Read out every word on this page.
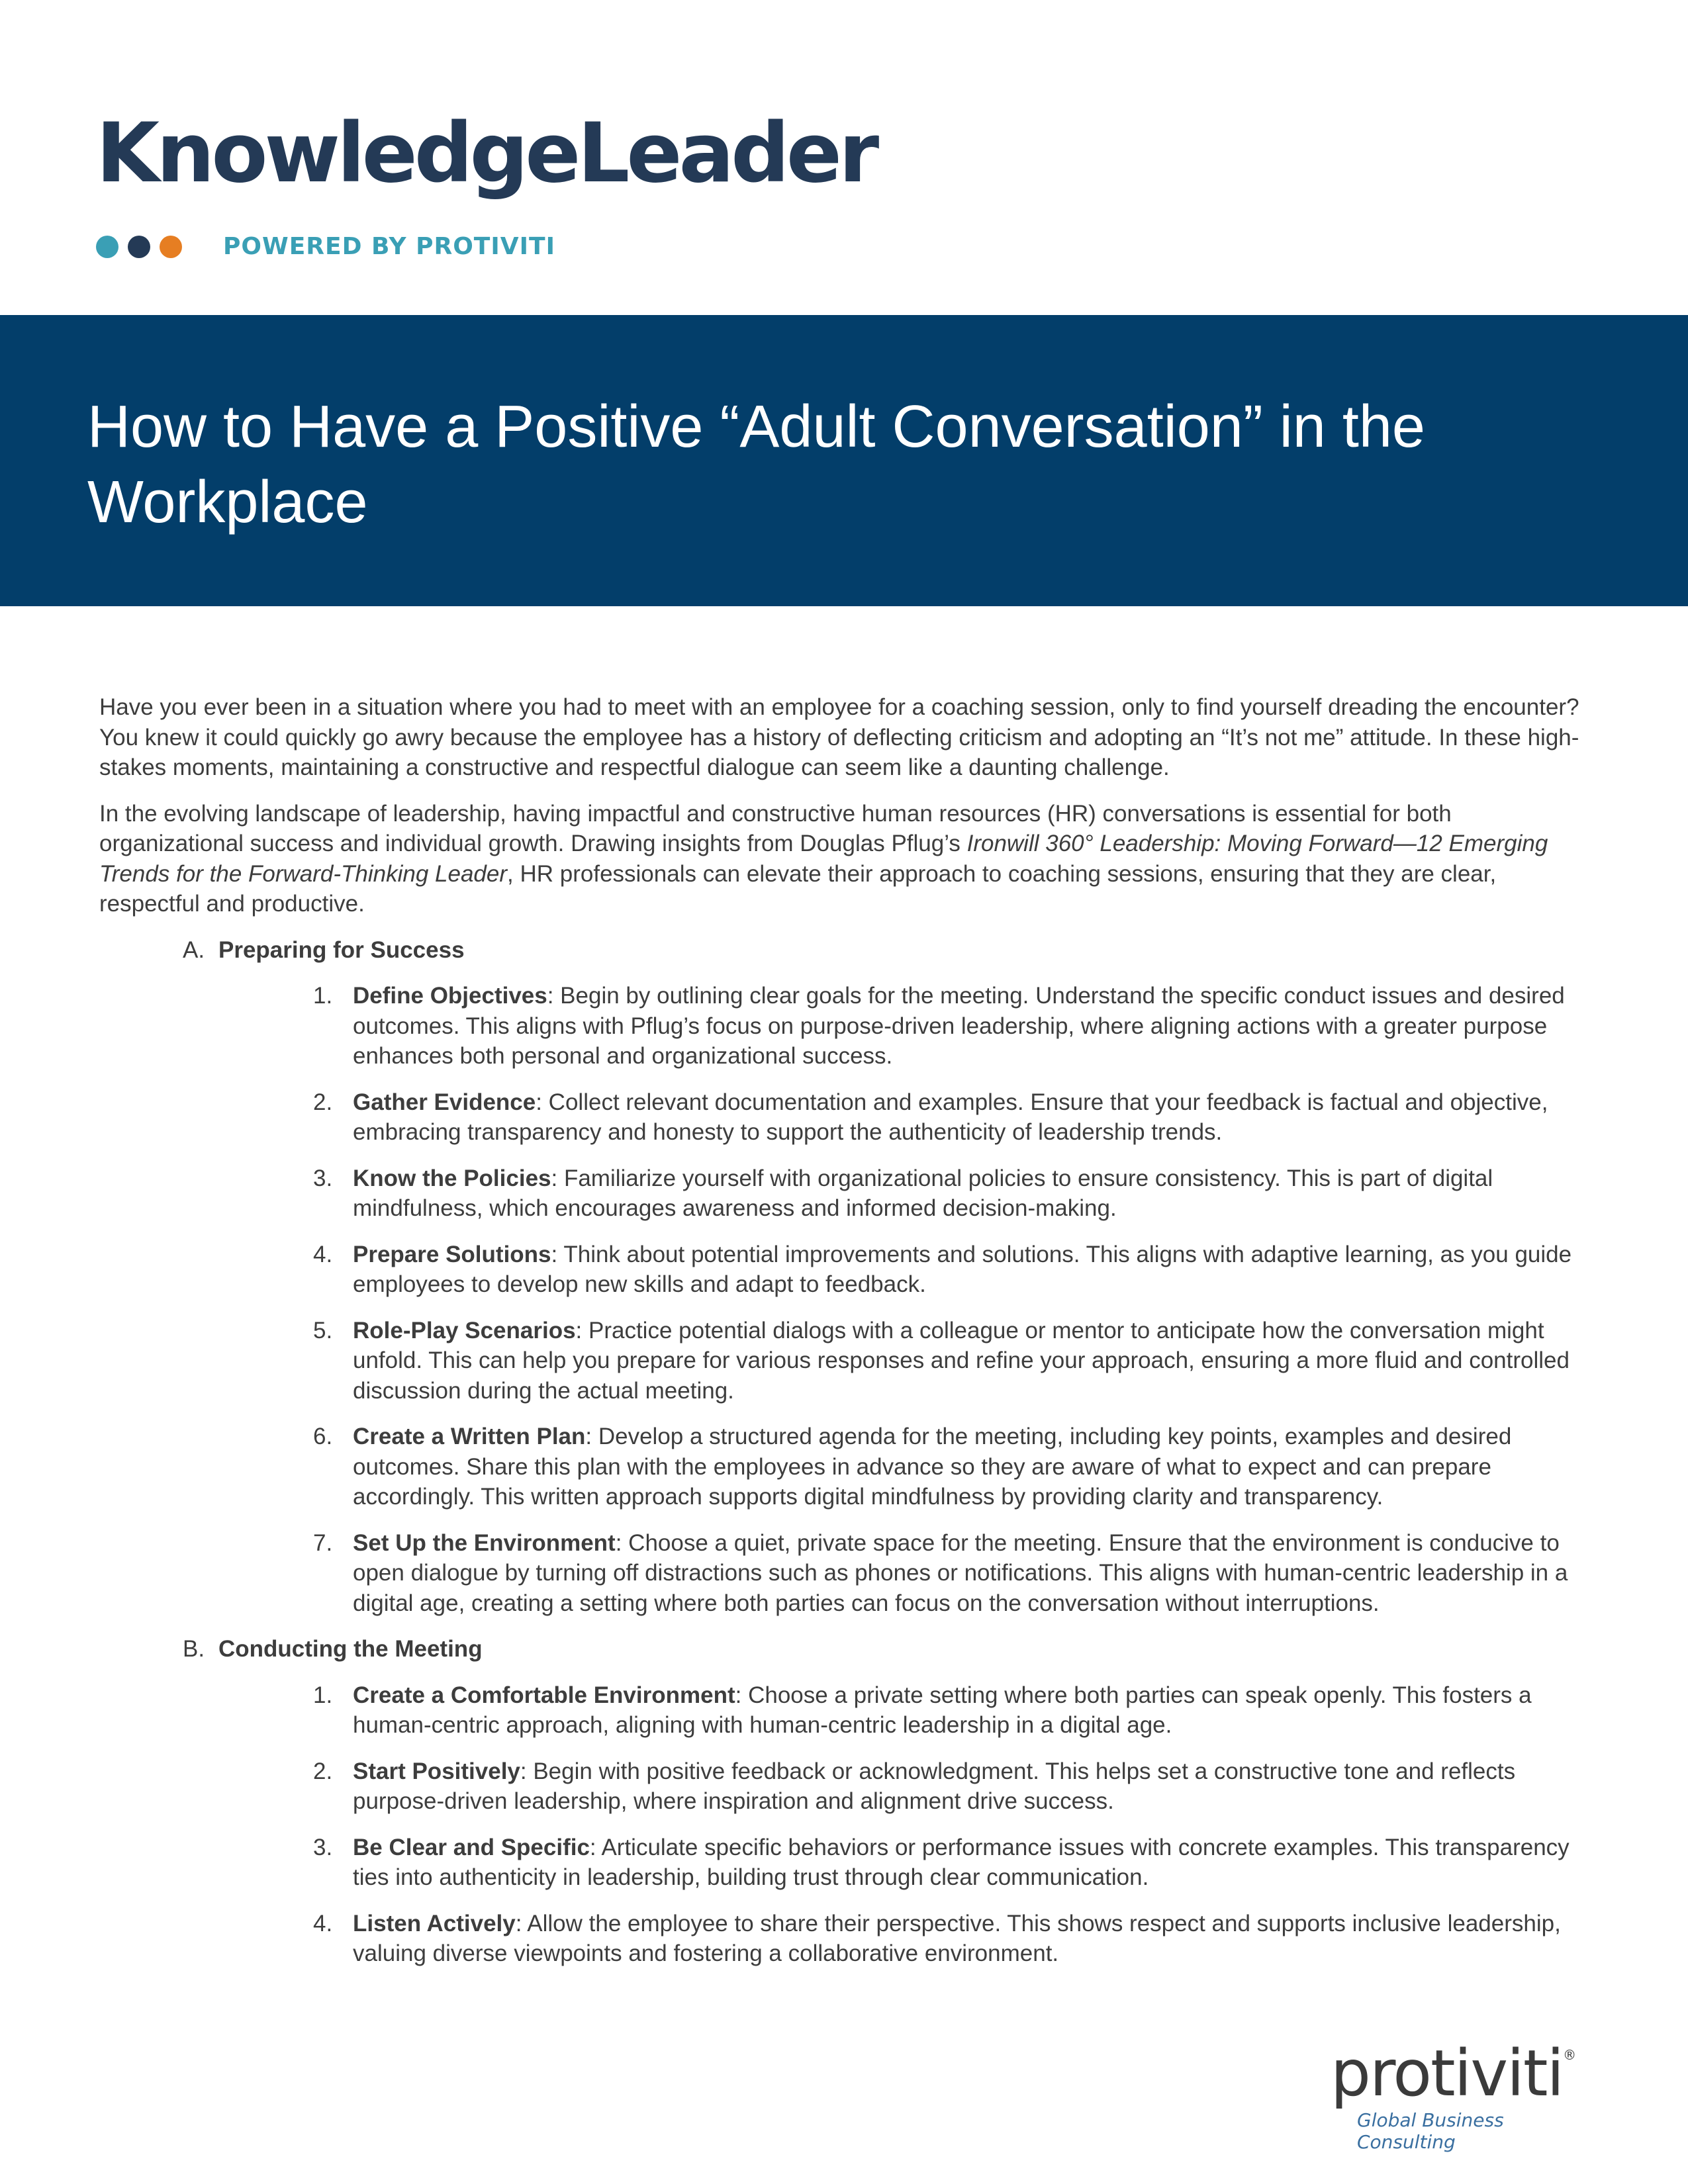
KnowledgeLeader
POWERED BY PROTIVITI
How to Have a Positive “Adult Conversation” in the Workplace

Have you ever been in a situation where you had to meet with an employee for a coaching session, only to find yourself dreading the encounter? You knew it could quickly go awry because the employee has a history of deflecting criticism and adopting an “It’s not me” attitude. In these high-stakes moments, maintaining a constructive and respectful dialogue can seem like a daunting challenge.

In the evolving landscape of leadership, having impactful and constructive human resources (HR) conversations is essential for both organizational success and individual growth. Drawing insights from Douglas Pflug’s Ironwill 360° Leadership: Moving Forward—12 Emerging Trends for the Forward-Thinking Leader, HR professionals can elevate their approach to coaching sessions, ensuring that they are clear, respectful and productive.

A. Preparing for Success
1. Define Objectives: Begin by outlining clear goals for the meeting. Understand the specific conduct issues and desired outcomes. This aligns with Pflug’s focus on purpose-driven leadership, where aligning actions with a greater purpose enhances both personal and organizational success.
2. Gather Evidence: Collect relevant documentation and examples. Ensure that your feedback is factual and objective, embracing transparency and honesty to support the authenticity of leadership trends.
3. Know the Policies: Familiarize yourself with organizational policies to ensure consistency. This is part of digital mindfulness, which encourages awareness and informed decision-making.
4. Prepare Solutions: Think about potential improvements and solutions. This aligns with adaptive learning, as you guide employees to develop new skills and adapt to feedback.
5. Role-Play Scenarios: Practice potential dialogs with a colleague or mentor to anticipate how the conversation might unfold. This can help you prepare for various responses and refine your approach, ensuring a more fluid and controlled discussion during the actual meeting.
6. Create a Written Plan: Develop a structured agenda for the meeting, including key points, examples and desired outcomes. Share this plan with the employees in advance so they are aware of what to expect and can prepare accordingly. This written approach supports digital mindfulness by providing clarity and transparency.
7. Set Up the Environment: Choose a quiet, private space for the meeting. Ensure that the environment is conducive to open dialogue by turning off distractions such as phones or notifications. This aligns with human-centric leadership in a digital age, creating a setting where both parties can focus on the conversation without interruptions.
B. Conducting the Meeting
1. Create a Comfortable Environment: Choose a private setting where both parties can speak openly. This fosters a human-centric approach, aligning with human-centric leadership in a digital age.
2. Start Positively: Begin with positive feedback or acknowledgment. This helps set a constructive tone and reflects purpose-driven leadership, where inspiration and alignment drive success.
3. Be Clear and Specific: Articulate specific behaviors or performance issues with concrete examples. This transparency ties into authenticity in leadership, building trust through clear communication.
4. Listen Actively: Allow the employee to share their perspective. This shows respect and supports inclusive leadership, valuing diverse viewpoints and fostering a collaborative environment.
protiviti®
Global Business Consulting
